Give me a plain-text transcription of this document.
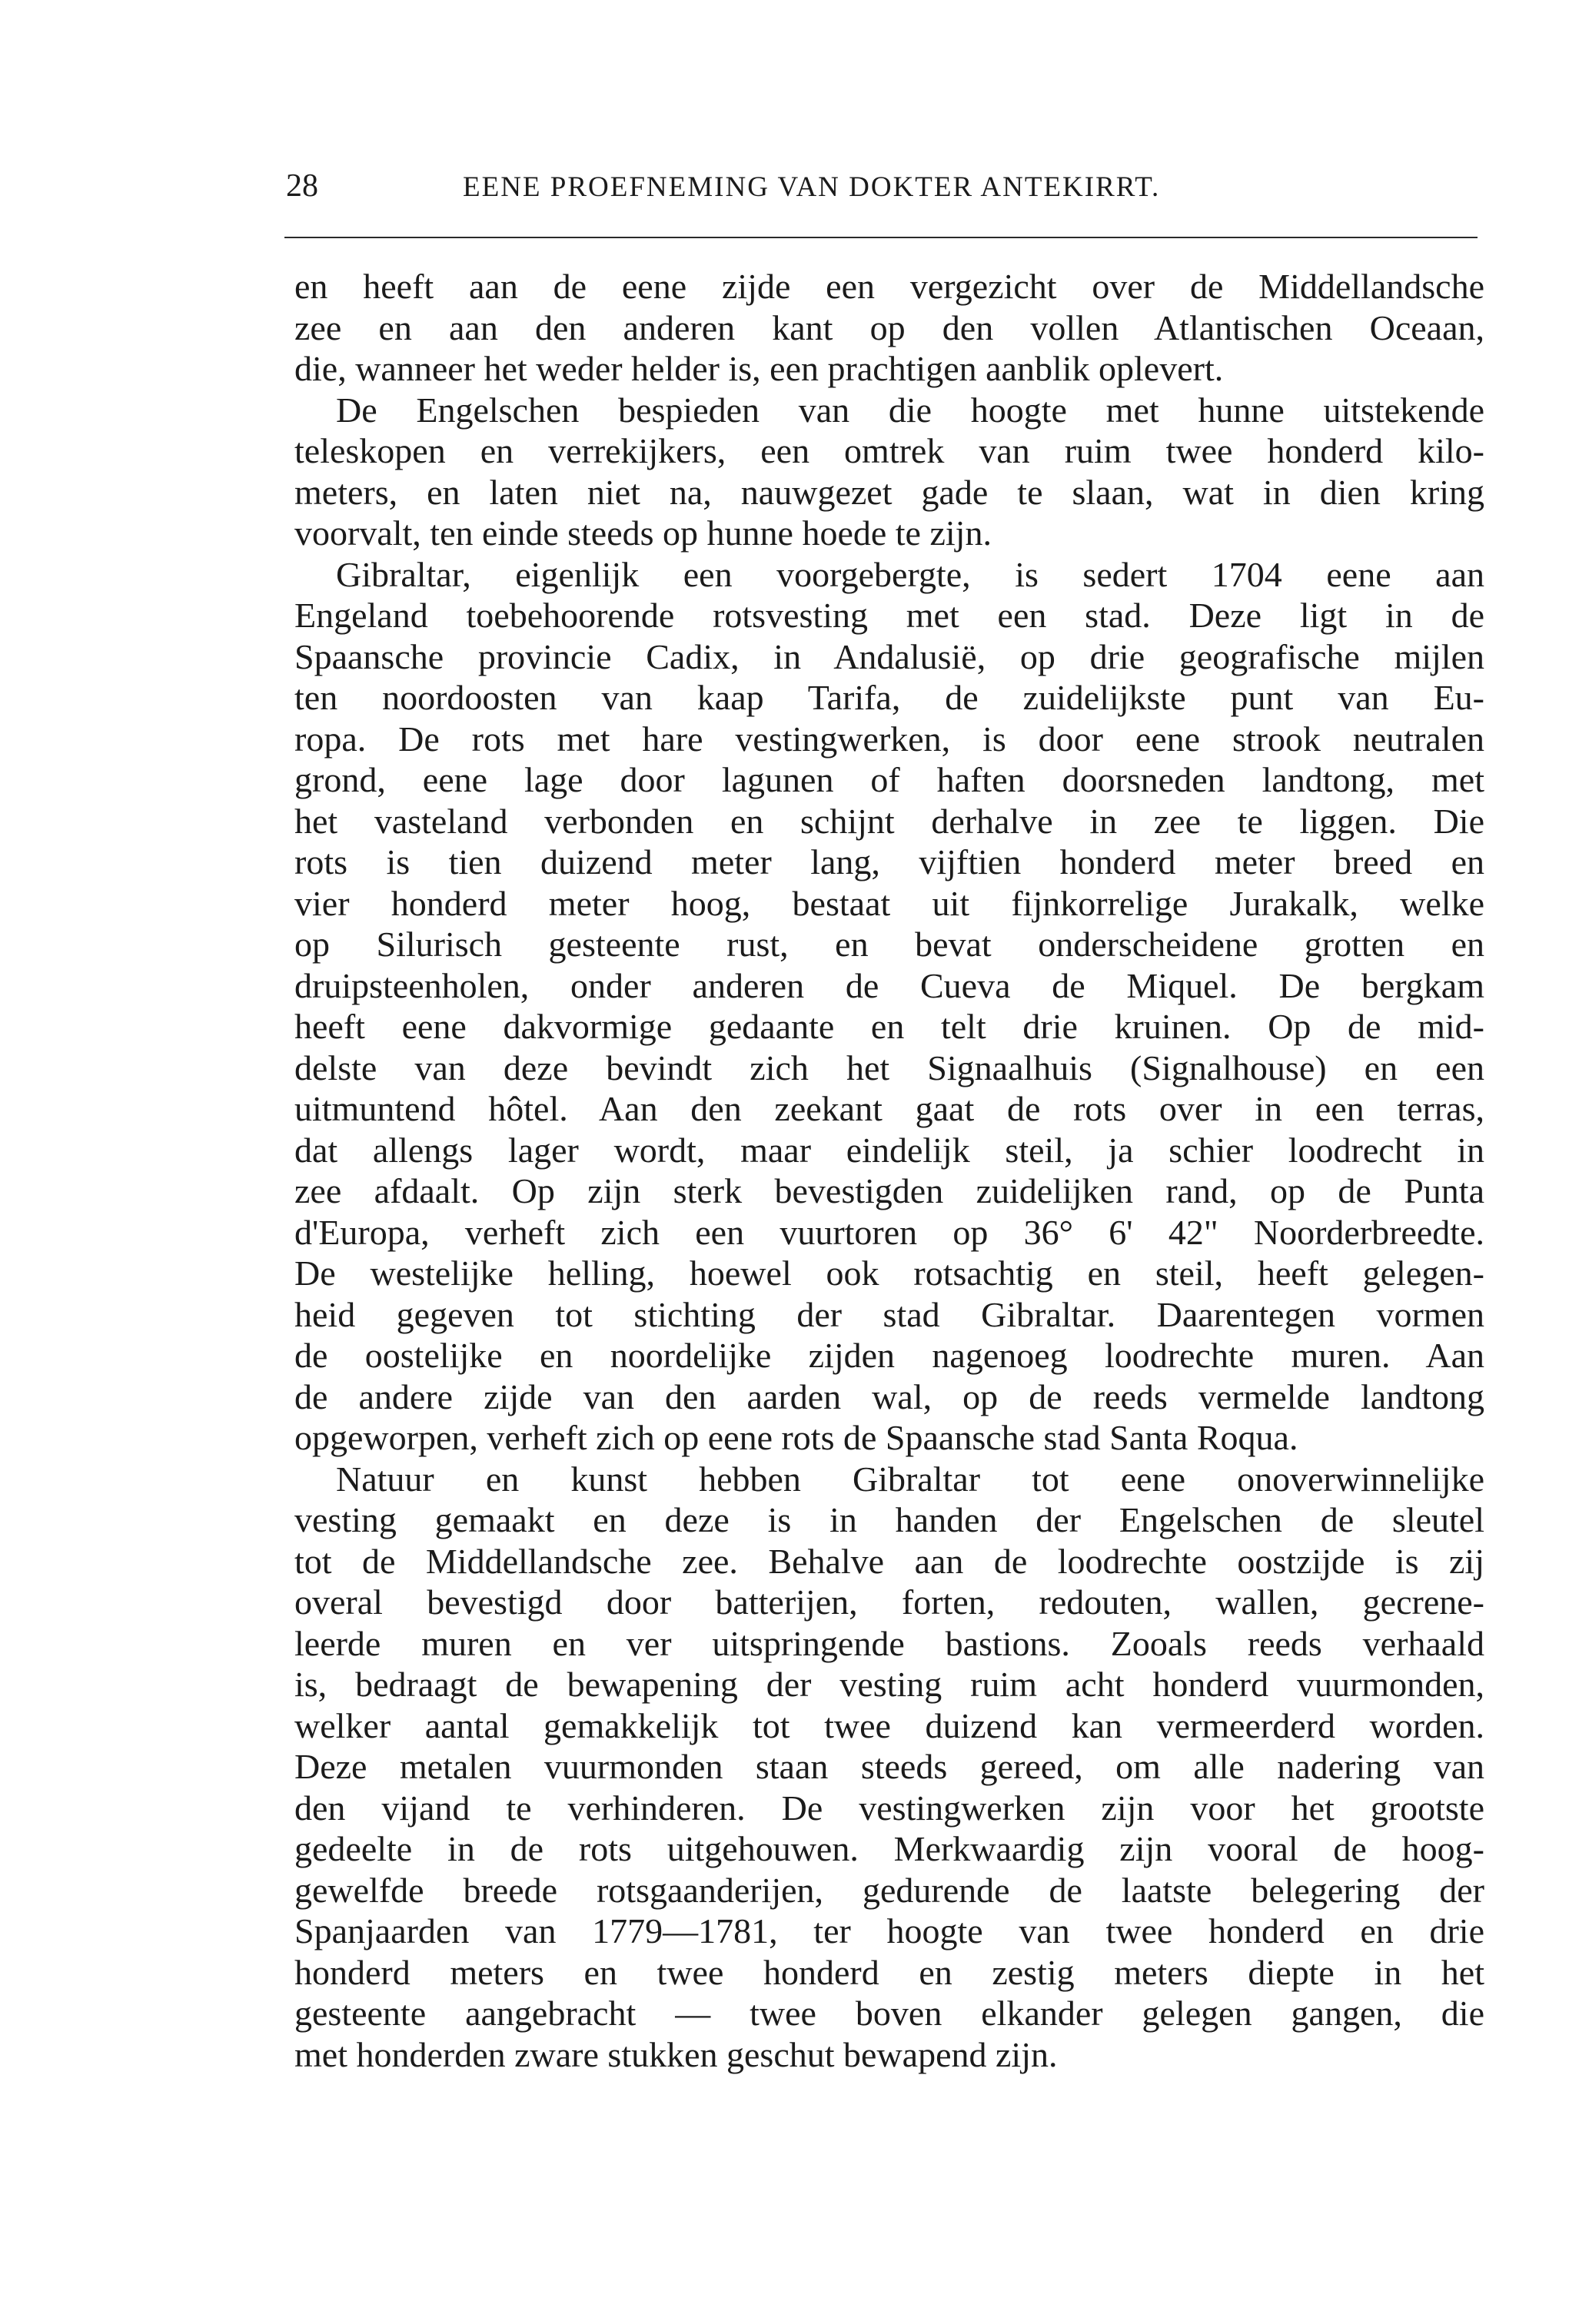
28	EENE PROEFNEMING VAN DOKTER ANTEKIRRT.
en heeft aan de eene zijde een vergezicht over de Middellandsche
zee en aan den anderen kant op den vollen Atlantischen Oceaan,
die, wanneer het weder helder is, een prachtigen aanblik oplevert.
De Engelschen bespieden van die hoogte met hunne uitstekende
teleskopen en verrekijkers, een omtrek van ruim twee honderd kilo-
meters, en laten niet na, nauwgezet gade te slaan, wat in dien kring
voorvalt, ten einde steeds op hunne hoede te zijn.
Gibraltar, eigenlijk een voorgebergte, is sedert 1704 eene aan
Engeland toebehoorende rotsvesting met een stad. Deze ligt in de
Spaansche provincie Cadix, in Andalusië, op drie geografische mijlen
ten noordoosten van kaap Tarifa, de zuidelijkste punt van Eu-
ropa. De rots met hare vestingwerken, is door eene strook neutralen
grond, eene lage door lagunen of haften doorsneden landtong, met
het vasteland verbonden en schijnt derhalve in zee te liggen. Die
rots is tien duizend meter lang, vijftien honderd meter breed en
vier honderd meter hoog, bestaat uit fijnkorrelige Jurakalk, welke
op Silurisch gesteente rust, en bevat onderscheidene grotten en
druipsteenholen, onder anderen de Cueva de Miquel. De bergkam
heeft eene dakvormige gedaante en telt drie kruinen. Op de mid-
delste van deze bevindt zich het Signaalhuis (Signalhouse) en een
uitmuntend hôtel. Aan den zeekant gaat de rots over in een terras,
dat allengs lager wordt, maar eindelijk steil, ja schier loodrecht in
zee afdaalt. Op zijn sterk bevestigden zuidelijken rand, op de Punta
d'Europa, verheft zich een vuurtoren op 36° 6' 42" Noorderbreedte.
De westelijke helling, hoewel ook rotsachtig en steil, heeft gelegen-
heid gegeven tot stichting der stad Gibraltar. Daarentegen vormen
de oostelijke en noordelijke zijden nagenoeg loodrechte muren. Aan
de andere zijde van den aarden wal, op de reeds vermelde landtong
opgeworpen, verheft zich op eene rots de Spaansche stad Santa Roqua.
Natuur en kunst hebben Gibraltar tot eene onoverwinnelijke
vesting gemaakt en deze is in handen der Engelschen de sleutel
tot de Middellandsche zee. Behalve aan de loodrechte oostzijde is zij
overal bevestigd door batterijen, forten, redouten, wallen, gecrene-
leerde muren en ver uitspringende bastions. Zooals reeds verhaald
is, bedraagt de bewapening der vesting ruim acht honderd vuurmonden,
welker aantal gemakkelijk tot twee duizend kan vermeerderd worden.
Deze metalen vuurmonden staan steeds gereed, om alle nadering van
den vijand te verhinderen. De vestingwerken zijn voor het grootste
gedeelte in de rots uitgehouwen. Merkwaardig zijn vooral de hoog-
gewelfde breede rotsgaanderijen, gedurende de laatste belegering der
Spanjaarden van 1779—1781, ter hoogte van twee honderd en drie
honderd meters en twee honderd en zestig meters diepte in het
gesteente aangebracht — twee boven elkander gelegen gangen, die
met honderden zware stukken geschut bewapend zijn.
